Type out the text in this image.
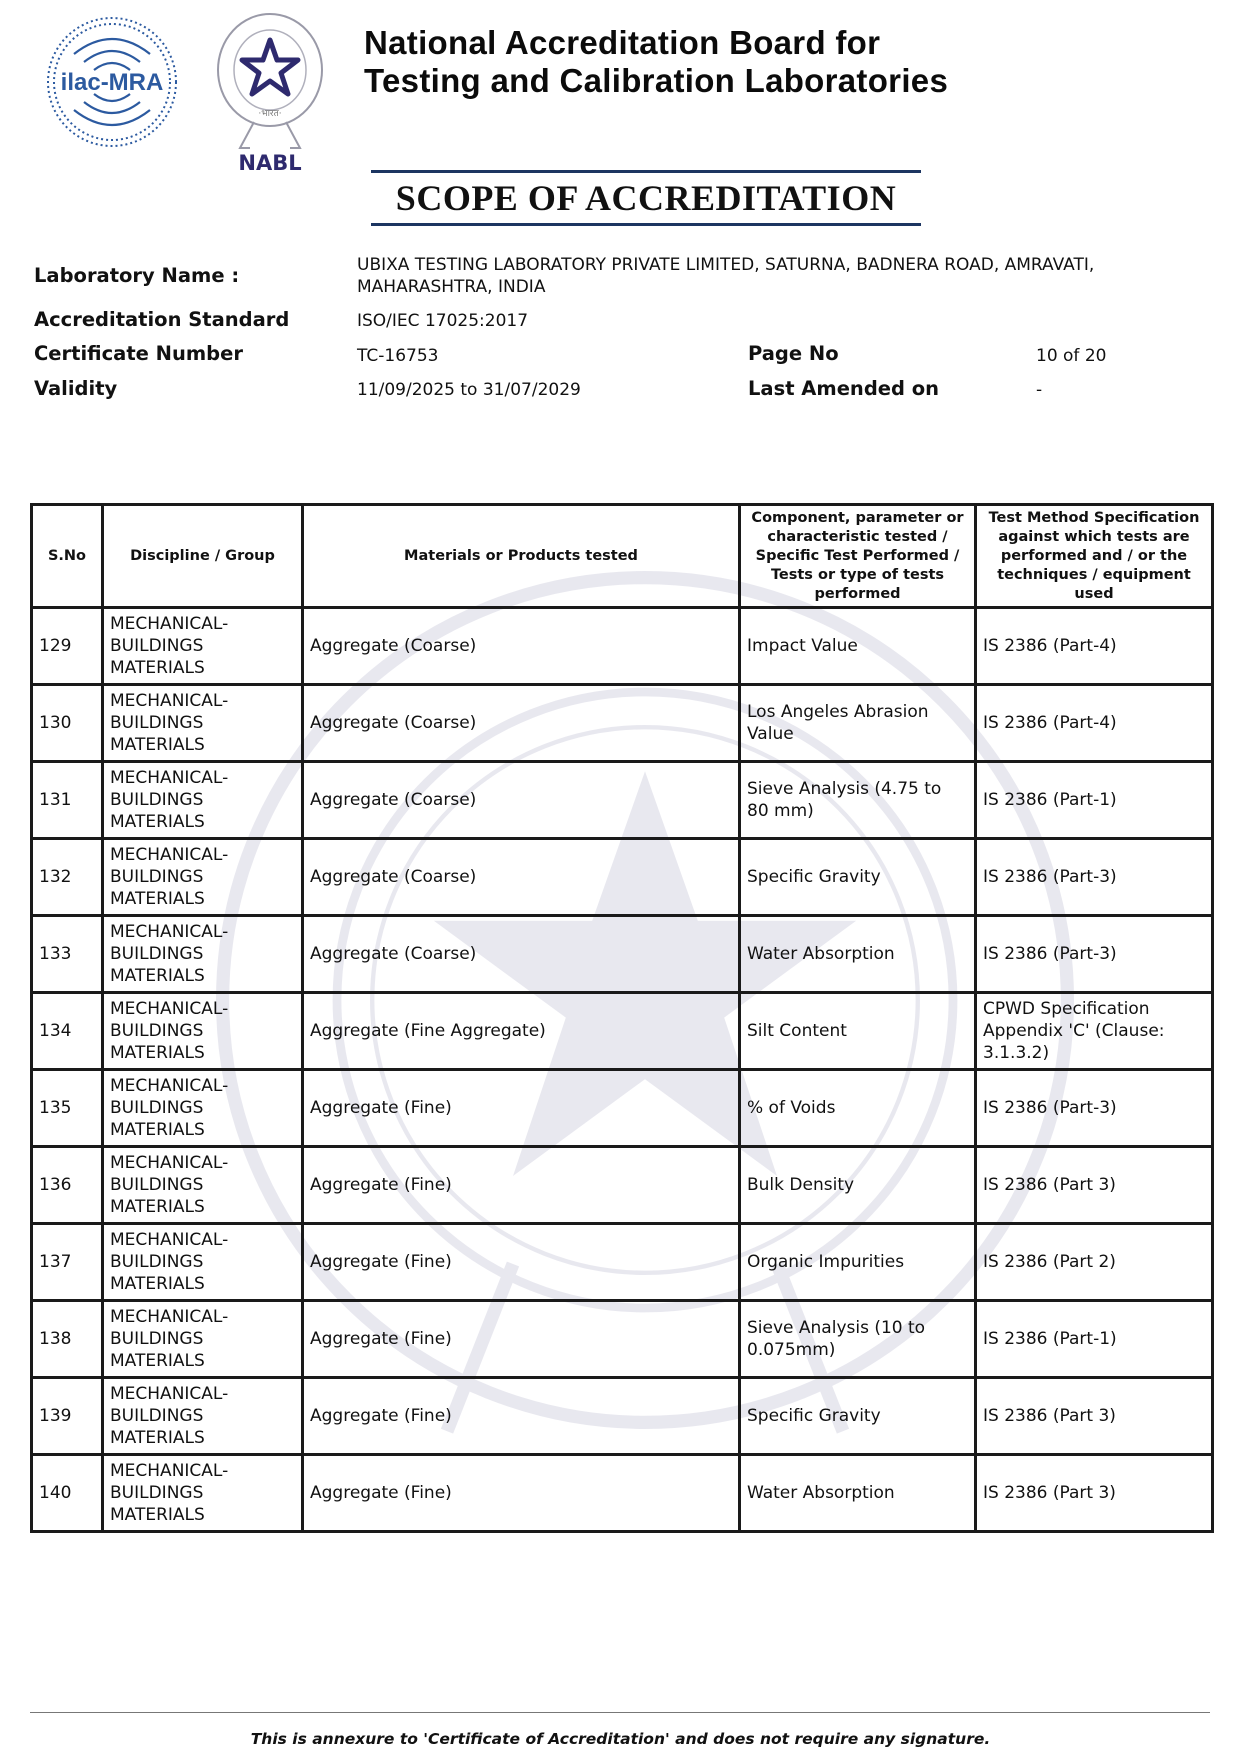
ilac-MRA
·भारत·
NABL
National Accreditation Board for
Testing and Calibration Laboratories
SCOPE OF ACCREDITATION
Laboratory Name :	UBIXA TESTING LABORATORY PRIVATE LIMITED, SATURNA, BADNERA ROAD, AMRAVATI,
MAHARASHTRA, INDIA
Accreditation Standard	ISO/IEC 17025:2017
Certificate Number	TC-16753	Page No	10 of 20
Validity	11/09/2025 to 31/07/2029	Last Amended on	-
S.No	Discipline / Group	Materials or Products tested	Component, parameter or characteristic tested / Specific Test Performed / Tests or type of tests performed	Test Method Specification against which tests are performed and / or the techniques / equipment used
129	MECHANICAL- BUILDINGS MATERIALS	Aggregate (Coarse)	Impact Value	IS 2386 (Part-4)
130	MECHANICAL- BUILDINGS MATERIALS	Aggregate (Coarse)	Los Angeles Abrasion Value	IS 2386 (Part-4)
131	MECHANICAL- BUILDINGS MATERIALS	Aggregate (Coarse)	Sieve Analysis (4.75 to 80 mm)	IS 2386 (Part-1)
132	MECHANICAL- BUILDINGS MATERIALS	Aggregate (Coarse)	Specific Gravity	IS 2386 (Part-3)
133	MECHANICAL- BUILDINGS MATERIALS	Aggregate (Coarse)	Water Absorption	IS 2386 (Part-3)
134	MECHANICAL- BUILDINGS MATERIALS	Aggregate (Fine Aggregate)	Silt Content	CPWD Specification Appendix 'C' (Clause: 3.1.3.2)
135	MECHANICAL- BUILDINGS MATERIALS	Aggregate (Fine)	% of Voids	IS 2386 (Part-3)
136	MECHANICAL- BUILDINGS MATERIALS	Aggregate (Fine)	Bulk Density	IS 2386 (Part 3)
137	MECHANICAL- BUILDINGS MATERIALS	Aggregate (Fine)	Organic Impurities	IS 2386 (Part 2)
138	MECHANICAL- BUILDINGS MATERIALS	Aggregate (Fine)	Sieve Analysis (10 to 0.075mm)	IS 2386 (Part-1)
139	MECHANICAL- BUILDINGS MATERIALS	Aggregate (Fine)	Specific Gravity	IS 2386 (Part 3)
140	MECHANICAL- BUILDINGS MATERIALS	Aggregate (Fine)	Water Absorption	IS 2386 (Part 3)
This is annexure to 'Certificate of Accreditation' and does not require any signature.
